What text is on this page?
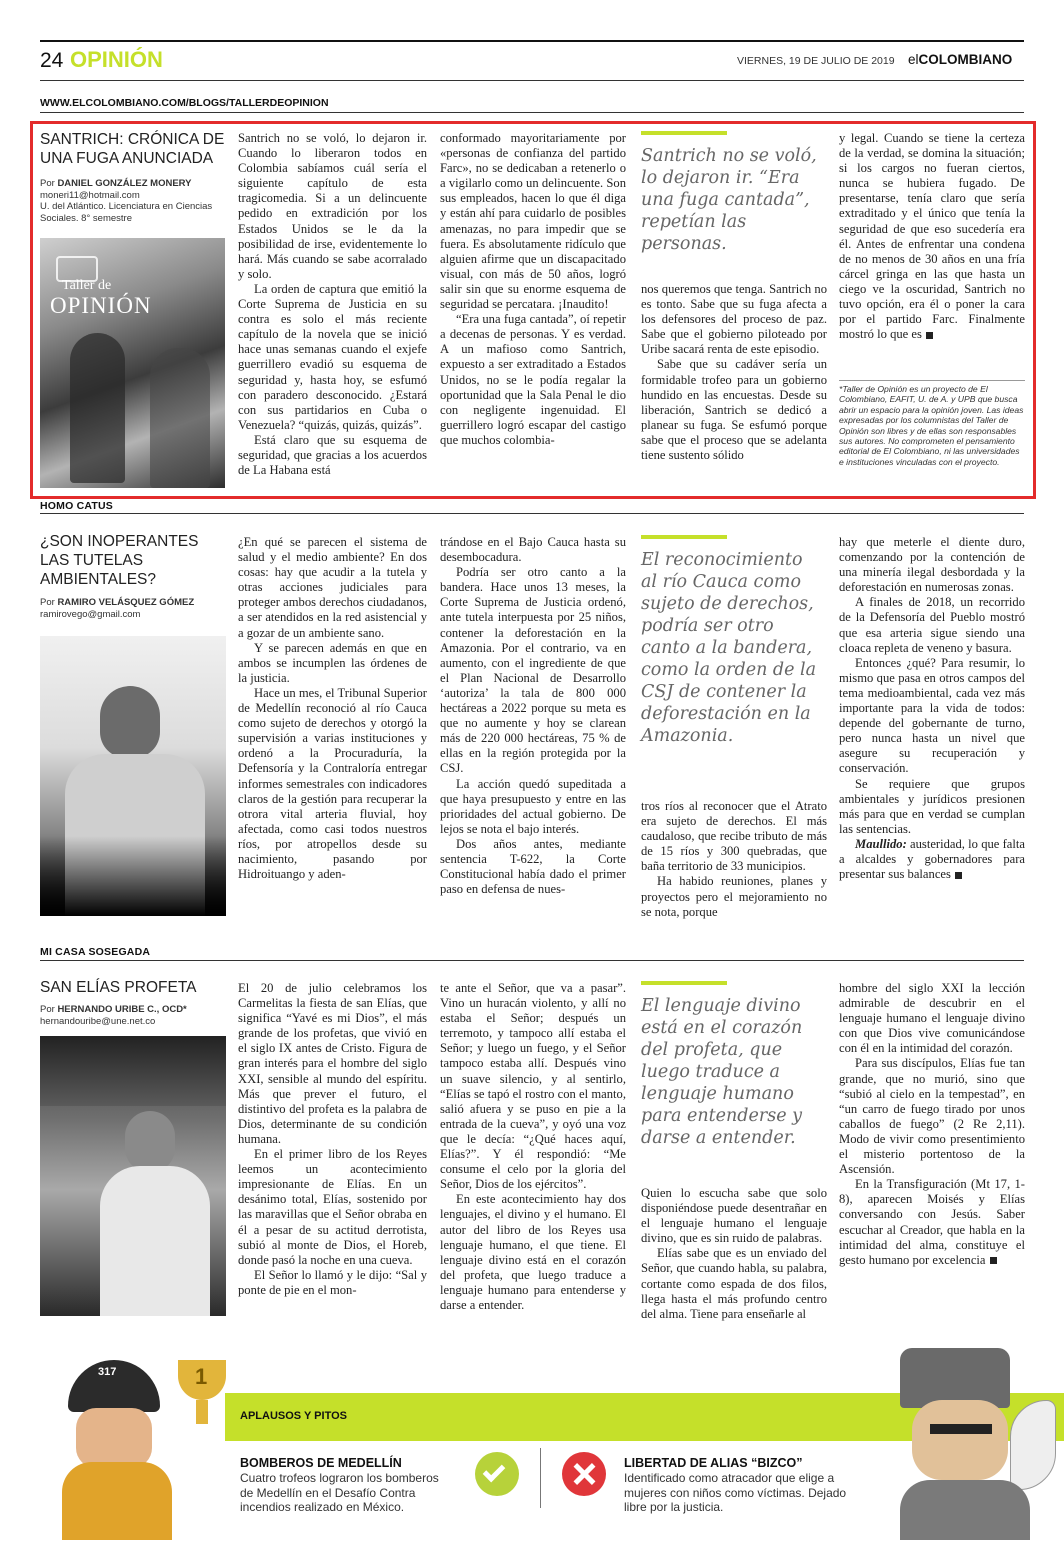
24 OPINIÓN	VIERNES, 19 DE JULIO DE 2019 elCOLOMBIANO
WWW.ELCOLOMBIANO.COM/BLOGS/TALLERDEOPINION
SANTRICH: CRÓNICA DE UNA FUGA ANUNCIADA
Por DANIEL GONZÁLEZ MONERY
moneri11@hotmail.com
U. del Atlántico. Licenciatura en Ciencias Sociales. 8° semestre
Taller de
OPINIÓN

Santrich no se voló, lo dejaron ir. Cuando lo liberaron todos en Colombia sabíamos cuál sería el siguiente capítulo de esta tragicomedia. Si a un delincuente pedido en extradición por los Estados Unidos se le da la posibilidad de irse, evidentemente lo hará. Más cuando se sabe acorralado y solo.

La orden de captura que emitió la Corte Suprema de Justicia en su contra es solo el más reciente capítulo de la novela que se inició hace unas semanas cuando el exjefe guerrillero evadió su esquema de seguridad y, hasta hoy, se esfumó con paradero desconocido. ¿Estará con sus partidarios en Cuba o Venezuela? “quizás, quizás, quizás”.

Está claro que su esquema de seguridad, que gracias a los acuerdos de La Habana está

conformado mayoritariamente por «personas de confianza del partido Farc», no se dedicaban a retenerlo o a vigilarlo como un delincuente. Son sus empleados, hacen lo que él diga y están ahí para cuidarlo de posibles amenazas, no para impedir que se fuera. Es absolutamente ridículo que alguien afirme que un discapacitado visual, con más de 50 años, logró salir sin que su enorme esquema de seguridad se percatara. ¡Inaudito!

“Era una fuga cantada”, oí repetir a decenas de personas. Y es verdad. A un mafioso como Santrich, expuesto a ser extraditado a Estados Unidos, no se le podía regalar la oportunidad que la Sala Penal le dio con negligente ingenuidad. El guerrillero logró escapar del castigo que muchos colombia-

Santrich no se voló, lo dejaron ir. “Era una fuga cantada”, repetían las personas.

nos queremos que tenga. Santrich no es tonto. Sabe que su fuga afecta a los defensores del proceso de paz. Sabe que el gobierno piloteado por Uribe sacará renta de este episodio.

Sabe que su cadáver sería un formidable trofeo para un gobierno hundido en las encuestas. Desde su liberación, Santrich se dedicó a planear su fuga. Se esfumó porque sabe que el proceso que se adelanta tiene sustento sólido

y legal. Cuando se tiene la certeza de la verdad, se domina la situación; si los cargos no fueran ciertos, nunca se hubiera fugado. De presentarse, tenía claro que sería extraditado y el único que tenía la seguridad de que eso sucedería era él. Antes de enfrentar una condena de no menos de 30 años en una fría cárcel gringa en las que hasta un ciego ve la oscuridad, Santrich no tuvo opción, era él o poner la cara por el partido Farc. Finalmente mostró lo que es

*Taller de Opinión es un proyecto de El Colombiano, EAFIT, U. de A. y UPB que busca abrir un espacio para la opinión joven. Las ideas expresadas por los columnistas del Taller de Opinión son libres y de ellas son responsables sus autores. No comprometen el pensamiento editorial de El Colombiano, ni las universidades e instituciones vinculadas con el proyecto.
HOMO CATUS
¿SON INOPERANTES LAS TUTELAS AMBIENTALES?
Por RAMIRO VELÁSQUEZ GÓMEZ
ramirovego@gmail.com

¿En qué se parecen el sistema de salud y el medio ambiente? En dos cosas: hay que acudir a la tutela y otras acciones judiciales para proteger ambos derechos ciudadanos, a ser atendidos en la red asistencial y a gozar de un ambiente sano.

Y se parecen además en que en ambos se incumplen las órdenes de la justicia.

Hace un mes, el Tribunal Superior de Medellín reconoció al río Cauca como sujeto de derechos y otorgó la supervisión a varias instituciones y ordenó a la Procuraduría, la Defensoría y la Contraloría entregar informes semestrales con indicadores claros de la gestión para recuperar la otrora vital arteria fluvial, hoy afectada, como casi todos nuestros ríos, por atropellos desde su nacimiento, pasando por Hidroituango y aden-

trándose en el Bajo Cauca hasta su desembocadura.

Podría ser otro canto a la bandera. Hace unos 13 meses, la Corte Suprema de Justicia ordenó, ante tutela interpuesta por 25 niños, contener la deforestación en la Amazonia. Por el contrario, va en aumento, con el ingrediente de que el Plan Nacional de Desarrollo ‘autoriza’ la tala de 800 000 hectáreas a 2022 porque su meta es que no aumente y hoy se clarean más de 220 000 hectáreas, 75 % de ellas en la región protegida por la CSJ.

La acción quedó supeditada a que haya presupuesto y entre en las prioridades del actual gobierno. De lejos se nota el bajo interés.

Dos años antes, mediante sentencia T-622, la Corte Constitucional había dado el primer paso en defensa de nues-

El reconocimiento al río Cauca como sujeto de derechos, podría ser otro canto a la bandera, como la orden de la CSJ de contener la deforestación en la Amazonia.

tros ríos al reconocer que el Atrato era sujeto de derechos. El más caudaloso, que recibe tributo de más de 15 ríos y 300 quebradas, que baña territorio de 33 municipios.

Ha habido reuniones, planes y proyectos pero el mejoramiento no se nota, porque

hay que meterle el diente duro, comenzando por la contención de una minería ilegal desbordada y la deforestación en numerosas zonas.

A finales de 2018, un recorrido de la Defensoría del Pueblo mostró que esa arteria sigue siendo una cloaca repleta de veneno y basura.

Entonces ¿qué? Para resumir, lo mismo que pasa en otros campos del tema medioambiental, cada vez más importante para la vida de todos: depende del gobernante de turno, pero nunca hasta un nivel que asegure su recuperación y conservación.

Se requiere que grupos ambientales y jurídicos presionen más para que en verdad se cumplan las sentencias.

Maullido: austeridad, lo que falta a alcaldes y gobernadores para presentar sus balances

MI CASA SOSEGADA
SAN ELÍAS PROFETA
Por HERNANDO URIBE C., OCD*
hernandouribe@une.net.co

El 20 de julio celebramos los Carmelitas la fiesta de san Elías, que significa “Yavé es mi Dios”, el más grande de los profetas, que vivió en el siglo IX antes de Cristo. Figura de gran interés para el hombre del siglo XXI, sensible al mundo del espíritu. Más que prever el futuro, el distintivo del profeta es la palabra de Dios, determinante de su condición humana.

En el primer libro de los Reyes leemos un acontecimiento impresionante de Elías. En un desánimo total, Elías, sostenido por las maravillas que el Señor obraba en él a pesar de su actitud derrotista, subió al monte de Dios, el Horeb, donde pasó la noche en una cueva.

El Señor lo llamó y le dijo: “Sal y ponte de pie en el mon-

te ante el Señor, que va a pasar”. Vino un huracán violento, y allí no estaba el Señor; después un terremoto, y tampoco allí estaba el Señor; y luego un fuego, y el Señor tampoco estaba allí. Después vino un suave silencio, y al sentirlo, “Elías se tapó el rostro con el manto, salió afuera y se puso en pie a la entrada de la cueva”, y oyó una voz que le decía: “¿Qué haces aquí, Elías?”. Y él respondió: “Me consume el celo por la gloria del Señor, Dios de los ejércitos”.

En este acontecimiento hay dos lenguajes, el divino y el humano. El autor del libro de los Reyes usa lenguaje humano, el que tiene. El lenguaje divino está en el corazón del profeta, que luego traduce a lenguaje humano para entenderse y darse a entender.

El lenguaje divino está en el corazón del profeta, que luego traduce a lenguaje humano para entenderse y darse a entender.

Quien lo escucha sabe que solo disponiéndose puede desentrañar en el lenguaje humano el lenguaje divino, que es sin ruido de palabras.

Elías sabe que es un enviado del Señor, que cuando habla, su palabra, cortante como espada de dos filos, llega hasta el más profundo centro del alma. Tiene para enseñarle al

hombre del siglo XXI la lección admirable de descubrir en el lenguaje humano el lenguaje divino con que Dios vive comunicándose con él en la intimidad del corazón.

Para sus discípulos, Elías fue tan grande, que no murió, sino que “subió al cielo en la tempestad”, en “un carro de fuego tirado por unos caballos de fuego” (2 Re 2,11). Modo de vivir como presentimiento el misterio portentoso de la Ascensión.

En la Transfiguración (Mt 17, 1-8), aparecen Moisés y Elías conversando con Jesús. Saber escuchar al Creador, que habla en la intimidad del alma, constituye el gesto humano por excelencia

APLAUSOS Y PITOS
317	1
BOMBEROS DE MEDELLÍN
Cuatro trofeos lograron los bomberos de Medellín en el Desafío Contra incendios realizado en México.
LIBERTAD DE ALIAS “BIZCO”
Identificado como atracador que elige a mujeres con niños como víctimas. Dejado libre por la justicia.
